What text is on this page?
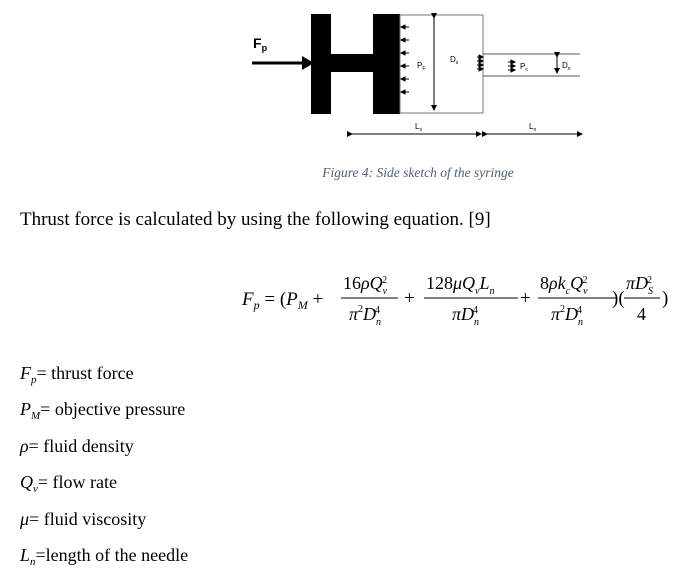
$F_p$
$P_F$
$D_s$	$P_c$	$D_n$
$L_s$	$L_n$
Figure 4: Side sketch of the syringe
Thrust force is calculated by using the following equation. [9]
$F_p = (P_M$ +
$16\rho Q_v2$
$\pi^2D_n4$
+
$128\mu Q_vL_n$
$\pi D_n4$
+
$8\rho k_cQ_v2$
$\pi^2D_n4$
)(
$\pi D_S2$
4
)
$F_p=$ thrust force
$P_M=$ objective pressure
ρ= fluid density
$Q_v=$ flow rate
μ= fluid viscosity
$L_n=length$ of the needle
